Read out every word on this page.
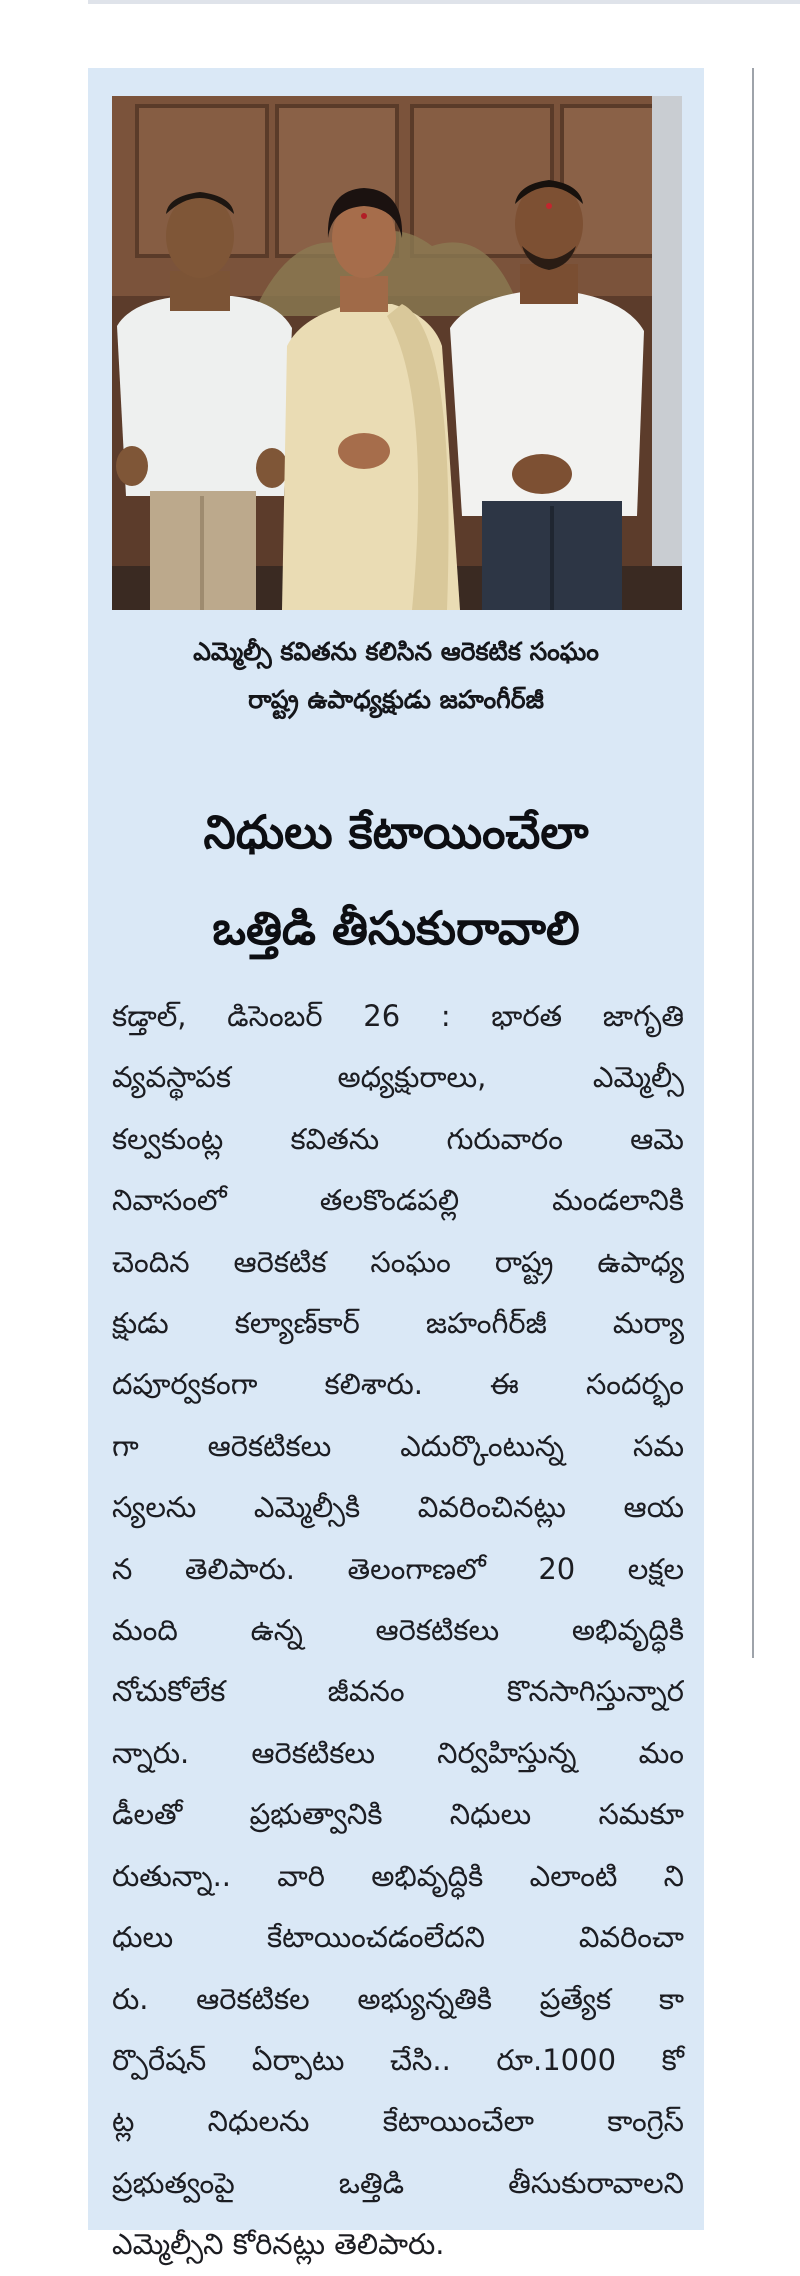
ఎమ్మెల్సీ కవితను కలిసిన ఆరెకటిక సంఘం
రాష్ట్ర ఉపాధ్యక్షుడు జహంగీర్‌జీ
నిధులు కేటాయించేలా
ఒత్తిడి తీసుకురావాలి
కడ్తాల్, డిసెంబర్ 26 : భారత జాగృతి
వ్యవస్థాపక అధ్యక్షురాలు, ఎమ్మెల్సీ
కల్వకుంట్ల కవితను గురువారం ఆమె
నివాసంలో తలకొండపల్లి మండలానికి
చెందిన ఆరెకటిక సంఘం రాష్ట్ర ఉపాధ్య
క్షుడు కల్యాణ్‌కార్ జహంగీర్‌జీ మర్యా
దపూర్వకంగా కలిశారు. ఈ సందర్భం
గా ఆరెకటికలు ఎదుర్కొంటున్న సమ
స్యలను ఎమ్మెల్సీకి వివరించినట్లు ఆయ
న తెలిపారు. తెలంగాణలో 20 లక్షల
మంది ఉన్న ఆరెకటికలు అభివృద్ధికి
నోచుకోలేక జీవనం కొనసాగిస్తున్నార
న్నారు. ఆరెకటికలు నిర్వహిస్తున్న మం
డీలతో ప్రభుత్వానికి నిధులు సమకూ
రుతున్నా.. వారి అభివృద్ధికి ఎలాంటి ని
ధులు కేటాయించడంలేదని వివరించా
రు. ఆరెకటికల అభ్యున్నతికి ప్రత్యేక కా
ర్పొరేషన్ ఏర్పాటు చేసి.. రూ.1000 కో
ట్ల నిధులను కేటాయించేలా కాంగ్రెస్
ప్రభుత్వంపై ఒత్తిడి తీసుకురావాలని
ఎమ్మెల్సీని కోరినట్లు తెలిపారు.
